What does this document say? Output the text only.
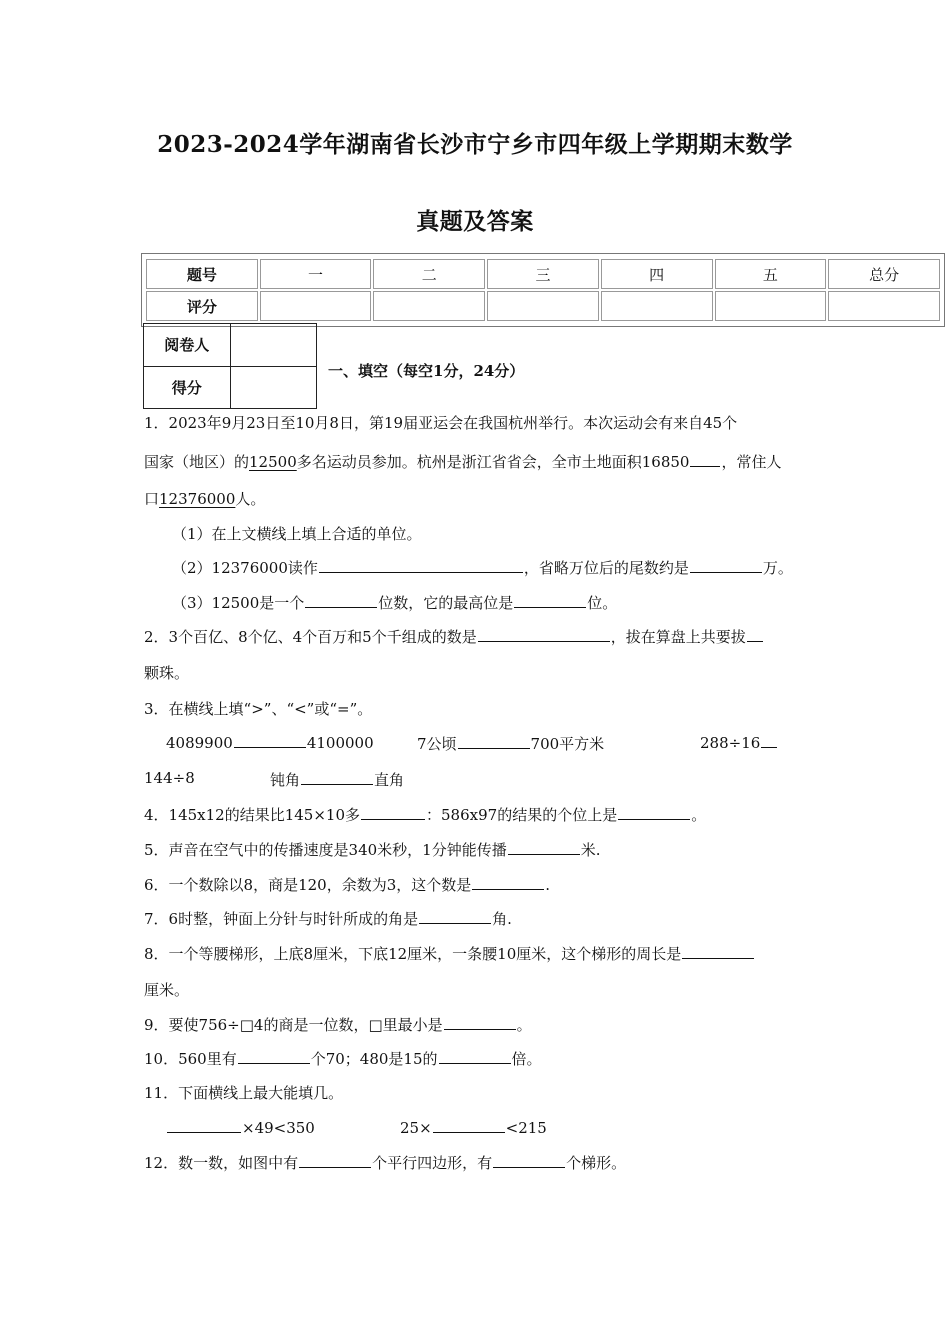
2023-2024学年湖南省长沙市宁乡市四年级上学期期末数学
真题及答案
题号	一	二	三	四	五	总分
评分						
阅卷人	
得分	
一、填空（每空1分，24分）
1．2023年9月23日至10月8日，第19届亚运会在我国杭州举行。本次运动会有来自45个
国家（地区）的12500多名运动员参加。杭州是浙江省省会，全市土地面积16850 ，常住人
口12376000人。
（1）在上文横线上填上合适的单位。
（2）12376000读作	，省略万位后的尾数约是	万。
（3）12500是一个	位数，它的最高位是	位。
2．3个百亿、8个亿、4个百万和5个千组成的数是	，拔在算盘上共要拔
颗珠。
3．在横线上填“>”、“<”或“=”。
4089900	4100000	7公顷	700平方米	288÷16
144÷8	钝角	直角
4．145x12的结果比145×10多	：586x97的结果的个位上是	。
5．声音在空气中的传播速度是340米秒，1分钟能传播	米.
6．一个数除以8，商是120，余数为3，这个数是	.
7．6时整，钟面上分针与时针所成的角是	角.
8．一个等腰梯形，上底8厘米，下底12厘米，一条腰10厘米，这个梯形的周长是
厘米。
9．要使756÷□4的商是一位数，□里最小是	。
10．560里有	个70；480是15的	倍。
11．下面横线上最大能填几。
×49<350	25×	<215
12．数一数，如图中有	个平行四边形，有	个梯形。
